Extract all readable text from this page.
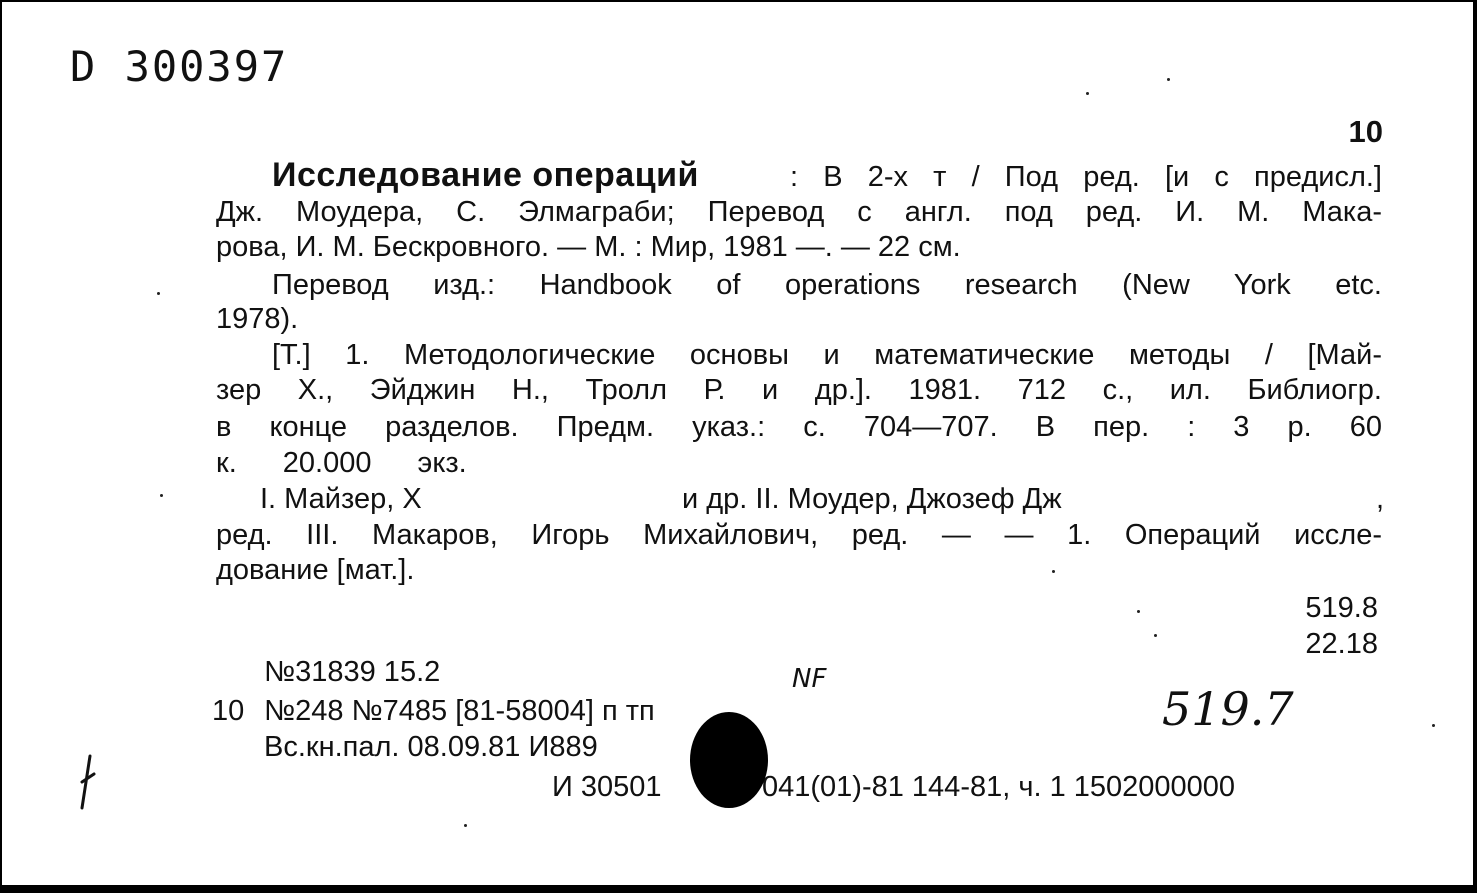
D 300397
10
Исследование операций	: В 2-х т / Под ред. [и с предисл.]
Дж. Моудера, С. Элмаграби; Перевод с англ. под ред. И. М. Мака-
рова, И. М. Бескровного. — М. : Мир, 1981 —. — 22 см.
Перевод изд.: Handbook of operations research (New York etc.
1978).
[Т.] 1. Методологические основы и математические методы / [Май-
зер Х., Эйджин Н., Тролл Р. и др.]. 1981. 712 с., ил. Библиогр.
в конце разделов. Предм. указ.: с. 704—707. В пер. : 3 р. 60
к. 20.000 экз.
I. Майзер, Х	и др. II. Моудер, Джозеф Дж	,
ред. III. Макаров, Игорь Михайлович, ред. — — 1. Операций иссле-
дование [мат.].
519.8
22.18
№31839 15.2
10 №248 №7485 [81-58004] п тп
Вс.кн.пал. 08.09.81 И889
И 30501	041(01)-81 144-81, ч. 1 1502000000
NF
519.7
